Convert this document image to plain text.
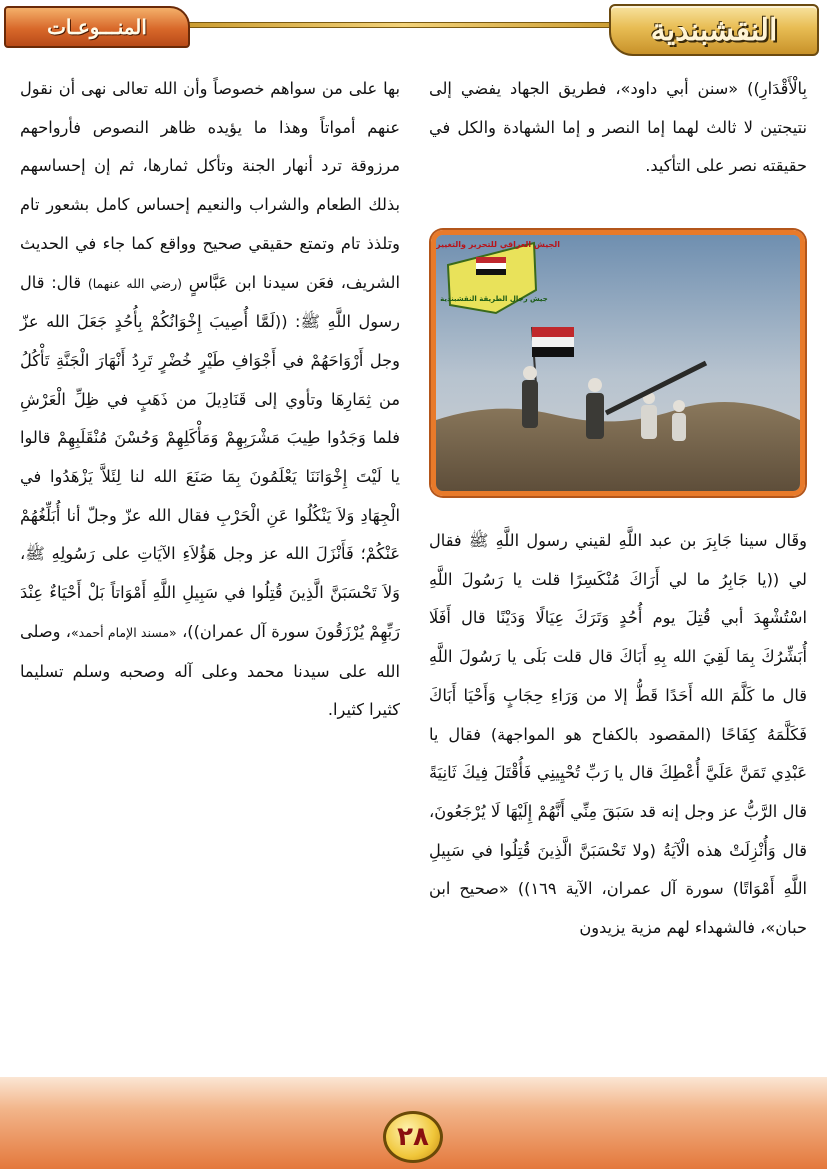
النقشبندية
المنـــوعـات

بِالْأَقْدَارِ)) «سنن أبي داود»، فطريق الجهاد يفضي إلى نتيجتين لا ثالث لهما إما النصر و إما الشهادة والكل في حقيقته نصر على التأكيد.

الجيش العراقي للتحرير والتغيير
جيش رجال الطريقة النقشبندية

وقَال سينا جَابِرَ بن عبد اللَّهِ لقيني رسول اللَّهِ ﷺ فقال لي ((يا جَابِرُ ما لي أَرَاكَ مُنْكَسِرًا قلت يا رَسُولَ اللَّهِ اسْتُشْهِدَ أبي قُتِلَ يوم أُحُدٍ وَتَرَكَ عِيَالًا وَدَيْنًا قال أَفَلَا أُبَشِّرُكَ بِمَا لَقِيَ الله بِهِ أَبَاكَ قال قلت بَلَى يا رَسُولَ اللَّهِ قال ما كَلَّمَ الله أَحَدًا قَطُّ إلا من وَرَاءِ حِجَابٍ وَأَحْيَا أَبَاكَ فَكَلَّمَهُ كِفَاحًا (المقصود بالكفاح هو المواجهة) فقال يا عَبْدِي تَمَنَّ عَلَيَّ أُعْطِكَ قال يا رَبِّ تُحْيِينِي فَأُقْتَلَ فِيكَ ثَانِيَةً قال الرَّبُّ عز وجل إنه قد سَبَقَ مِنِّي أَنَّهُمْ إِلَيْهَا لَا يُرْجَعُونَ، قال وَأُنْزِلَتْ هذه الْآيَةُ (ولا تَحْسَبَنَّ الَّذِينَ قُتِلُوا في سَبِيلِ اللَّهِ أَمْوَاتًا) سورة آل عمران، الآية ١٦٩)) «صحيح ابن حبان»، فالشهداء لهم مزية يزيدون

بها على من سواهم خصوصاً وأن الله تعالى نهى أن نقول عنهم أمواتاً وهذا ما يؤيده ظاهر النصوص فأرواحهم مرزوقة ترد أنهار الجنة وتأكل ثمارها، ثم إن إحساسهم بذلك الطعام والشراب والنعيم إحساس كامل بشعور تام وتلذذ تام وتمتع حقيقي صحيح وواقع كما جاء في الحديث الشريف، فعَن سيدنا ابن عَبَّاسٍ (رضي الله عنهما) قال: قال رسول اللَّهِ ﷺ: ((لَمَّا أُصِيبَ إِخْوَانُكُمْ بِأُحُدٍ جَعَلَ الله عزّ وجل أَرْوَاحَهُمْ في أَجْوَافِ طَيْرٍ خُضْرٍ تَرِدُ أَنْهَارَ الْجَنَّةِ تَأْكُلُ من ثِمَارِهَا وتأوي إلى قَنَادِيلَ من ذَهَبٍ في ظِلِّ الْعَرْشِ فلما وَجَدُوا طِيبَ مَشْرَبِهِمْ وَمَأْكَلِهِمْ وَحُسْنَ مُنْقَلَبِهِمْ قالوا يا لَيْتَ إِخْوَانَنَا يَعْلَمُونَ بِمَا صَنَعَ الله لنا لِئَلاَّ يَزْهَدُوا في الْجِهَادِ وَلاَ يَنْكُلُوا عَنِ الْحَرْبِ فقال الله عزّ وجلّ أنا أُبَلِّغُهُمْ عَنْكُمْ؛ فَأَنْزَلَ الله عز وجل هَؤُلاَءِ الآيَاتِ على رَسُولِهِ ﷺ، وَلاَ تَحْسَبَنَّ الَّذِينَ قُتِلُوا في سَبِيلِ اللَّهِ أَمْوَاتاً بَلْ أَحْيَاءٌ عِنْدَ رَبِّهِمْ يُرْزَقُونَ سورة آل عمران))، «مسند الإمام أحمد»، وصلى الله على سيدنا محمد وعلى آله وصحبه وسلم تسليما كثيرا كثيرا.

٢٨
